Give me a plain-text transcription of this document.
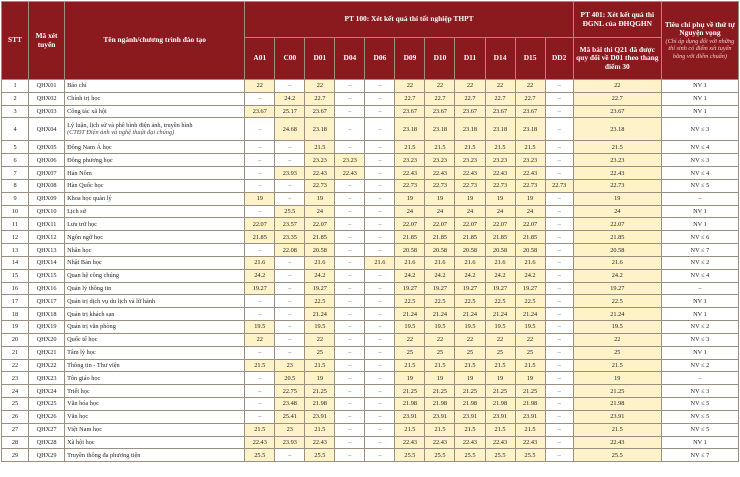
STT	Mã xét tuyển	Tên ngành/chương trình đào tạo	PT 100: Xét kết quả thi tốt nghiệp THPT											PT 401: Xét kết quả thi ĐGNL của ĐHQGHN	Tiêu chí phụ về thứ tự Nguyện vọng
(Chỉ áp dụng đối với những thí sinh có điểm xét tuyển bằng với điểm chuẩn)

			A01	C00	D01	D04	D06	D09	D10	D11	D14	D15	DD2	Mã bài thi Q21 đã được quy đổi về D01 theo thang điểm 30	
1	QHX01	Báo chí	22	–	22	–	–	22	22	22	22	22	–	22	NV 1
2	QHX02	Chính trị học	–	24.2	22.7	–	–	22.7	22.7	22.7	22.7	22.7	–	22.7	NV 1
3	QHX03	Công tác xã hội	23.67	25.17	23.67	–	–	23.67	23.67	23.67	23.67	23.67	–	23.67	NV 1
4	QHX04	Lý luận, lịch sử và phê bình điện ảnh, truyền hình
(CTĐT Điện ảnh và nghệ thuật đại chúng)	–	24.68	23.18	–	–	23.18	23.18	23.18	23.18	23.18	–	23.18	NV ≤ 3
5	QHX05	Đông Nam Á học	–	–	21.5	–	–	21.5	21.5	21.5	21.5	21.5	–	21.5	NV ≤ 4
6	QHX06	Đông phương học	–	–	23.23	23.23	–	23.23	23.23	23.23	23.23	23.23	–	23.23	NV ≤ 3
7	QHX07	Hán Nôm	–	23.93	22.43	22.43	–	22.43	22.43	22.43	22.43	22.43	–	22.43	NV ≤ 4
8	QHX08	Hàn Quốc học	–	–	22.73	–	–	22.73	22.73	22.73	22.73	22.73	22.73	22.73	NV ≤ 5
9	QHX09	Khoa học quản lý	19	–	19	–	–	19	19	19	19	19	–	19	–
10	QHX10	Lịch sử	–	25.5	24	–	–	24	24	24	24	24	–	24	NV 1
11	QHX11	Lưu trữ học	22.07	23.57	22.07	–	–	22.07	22.07	22.07	22.07	22.07	–	22.07	NV 1
12	QHX12	Ngôn ngữ học	21.85	23.35	21.85	–	–	21.85	21.85	21.85	21.85	21.85	–	21.85	NV ≤ 6
13	QHX13	Nhân học	–	22.08	20.58	–	–	20.58	20.58	20.58	20.58	20.58	–	20.58	NV ≤ 7
14	QHX14	Nhật Bản học	21.6	–	21.6	–	21.6	21.6	21.6	21.6	21.6	21.6	–	21.6	NV ≤ 2
15	QHX15	Quan hệ công chúng	24.2	–	24.2	–	–	24.2	24.2	24.2	24.2	24.2	–	24.2	NV ≤ 4
16	QHX16	Quản lý thông tin	19.27	–	19.27	–	–	19.27	19.27	19.27	19.27	19.27	–	19.27	–
17	QHX17	Quản trị dịch vụ du lịch và lữ hành	–	–	22.5	–	–	22.5	22.5	22.5	22.5	22.5	–	22.5	NV 1
18	QHX18	Quản trị khách sạn	–	–	21.24	–	–	21.24	21.24	21.24	21.24	21.24	–	21.24	NV 1
19	QHX19	Quản trị văn phòng	19.5	–	19.5	–	–	19.5	19.5	19.5	19.5	19.5	–	19.5	NV ≤ 2
20	QHX20	Quốc tế học	22	–	22	–	–	22	22	22	22	22	–	22	NV ≤ 3
21	QHX21	Tâm lý học	–	–	25	–	–	25	25	25	25	25	–	25	NV 1
22	QHX22	Thông tin - Thư viện	21.5	23	21.5	–	–	21.5	21.5	21.5	21.5	21.5	–	21.5	NV ≤ 2
23	QHX23	Tôn giáo học	–	20.5	19	–	–	19	19	19	19	19	–	19	–
24	QHX24	Triết học	–	22.75	21.25	–	–	21.25	21.25	21.25	21.25	21.25	–	21.25	NV ≤ 3
25	QHX25	Văn hóa học	–	23.48	21.98	–	–	21.98	21.98	21.98	21.98	21.98	–	21.98	NV ≤ 5
26	QHX26	Văn học	–	25.41	23.91	–	–	23.91	23.91	23.91	23.91	23.91	–	23.91	NV ≤ 5
27	QHX27	Việt Nam học	21.5	23	21.5	–	–	21.5	21.5	21.5	21.5	21.5	–	21.5	NV ≤ 5
28	QHX28	Xã hội học	22.43	23.93	22.43	–	–	22.43	22.43	22.43	22.43	22.43	–	22.43	NV 1
29	QHX29	Truyền thông đa phương tiện	25.5	–	25.5	–	–	25.5	25.5	25.5	25.5	25.5	–	25.5	NV ≤ 7
